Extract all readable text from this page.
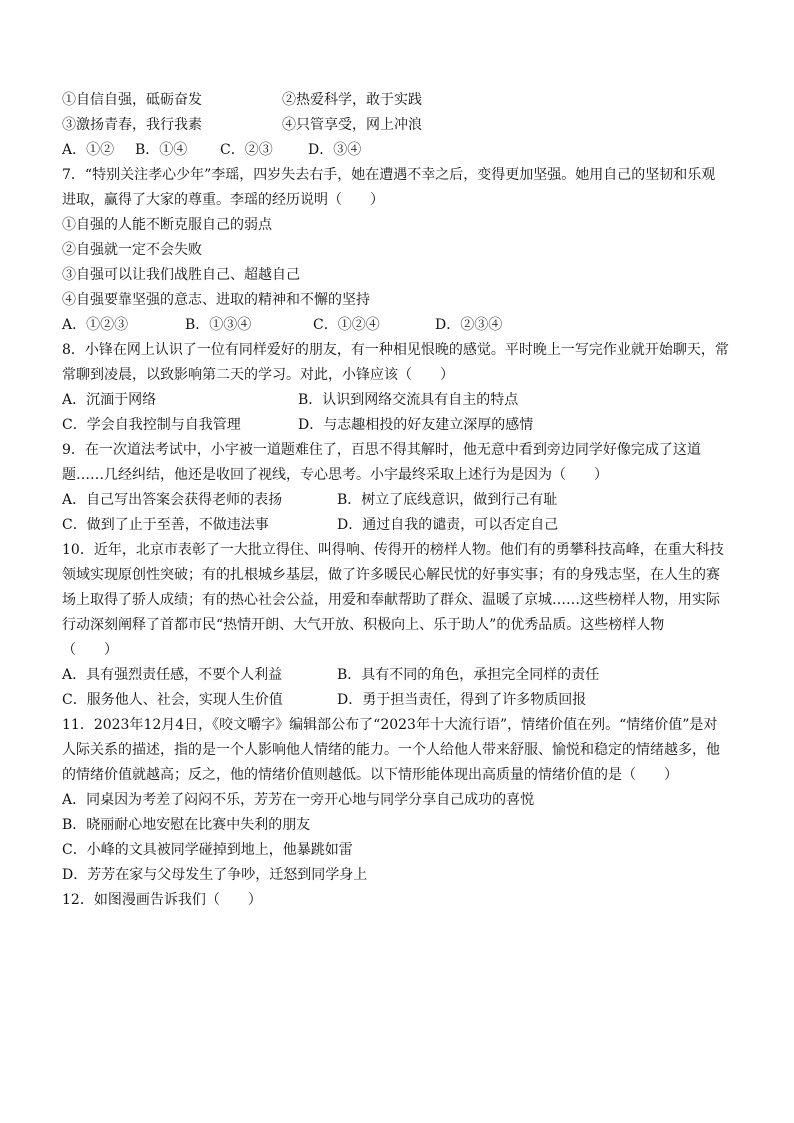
①自信自强，砥砺奋发	②热爱科学，敢于实践
③激扬青春，我行我素	④只管享受，网上冲浪
A．①② B．①④ C．②③	D．③④
7．“特别关注孝心少年”李瑶，四岁失去右手，她在遭遇不幸之后，变得更加坚强。她用自己的坚韧和乐观
进取，赢得了大家的尊重。李瑶的经历说明（　　）
①自强的人能不断克服自己的弱点
②自强就一定不会失败
③自强可以让我们战胜自己、超越自己
④自强要靠坚强的意志、进取的精神和不懈的坚持
A．①②③	B．①③④	C．①②④	D．②③④
8．小锋在网上认识了一位有同样爱好的朋友，有一种相见恨晚的感觉。平时晚上一写完作业就开始聊天，常
常聊到凌晨，以致影响第二天的学习。对此，小锋应该（　　）
A．沉湎于网络	B．认识到网络交流具有自主的特点
C．学会自我控制与自我管理	D．与志趣相投的好友建立深厚的感情
9．在一次道法考试中，小宇被一道题难住了，百思不得其解时，他无意中看到旁边同学好像完成了这道
题……几经纠结，他还是收回了视线，专心思考。小宇最终采取上述行为是因为（　　）
A．自己写出答案会获得老师的表扬	B．树立了底线意识，做到行己有耻
C．做到了止于至善，不做违法事	D．通过自我的谴责，可以否定自己
10．近年，北京市表彰了一大批立得住、叫得响、传得开的榜样人物。他们有的勇攀科技高峰，在重大科技
领域实现原创性突破；有的扎根城乡基层，做了许多暖民心解民忧的好事实事；有的身残志坚，在人生的赛
场上取得了骄人成绩；有的热心社会公益，用爱和奉献帮助了群众、温暖了京城……这些榜样人物，用实际
行动深刻阐释了首都市民“热情开朗、大气开放、积极向上、乐于助人”的优秀品质。这些榜样人物
（　　）
A．具有强烈责任感，不要个人利益	B．具有不同的角色，承担完全同样的责任
C．服务他人、社会，实现人生价值	D．勇于担当责任，得到了许多物质回报
11．2023年12月4日，《咬文嚼字》编辑部公布了“2023年十大流行语”，情绪价值在列。“情绪价值”是对
人际关系的描述，指的是一个人影响他人情绪的能力。一个人给他人带来舒服、愉悦和稳定的情绪越多，他
的情绪价值就越高；反之，他的情绪价值则越低。以下情形能体现出高质量的情绪价值的是（　　）
A．同桌因为考差了闷闷不乐，芳芳在一旁开心地与同学分享自己成功的喜悦
B．晓丽耐心地安慰在比赛中失利的朋友
C．小峰的文具被同学碰掉到地上，他暴跳如雷
D．芳芳在家与父母发生了争吵，迁怒到同学身上
12．如图漫画告诉我们（　　）
